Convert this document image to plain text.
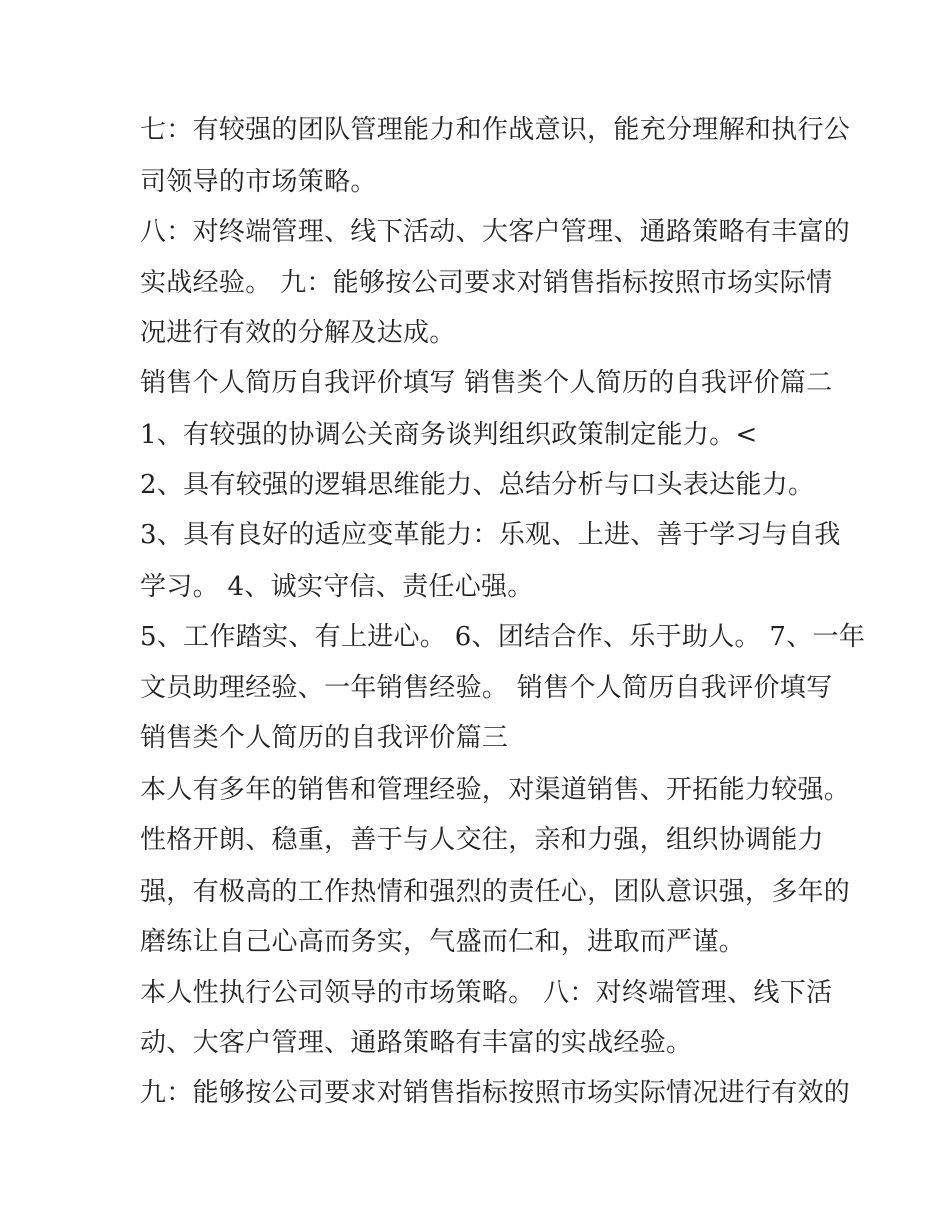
七：有较强的团队管理能力和作战意识，能充分理解和执行公
司领导的市场策略。
八：对终端管理、线下活动、大客户管理、通路策略有丰富的
实战经验。 九：能够按公司要求对销售指标按照市场实际情
况进行有效的分解及达成。
销售个人简历自我评价填写 销售类个人简历的自我评价篇二
1、有较强的协调公关商务谈判组织政策制定能力。<
2、具有较强的逻辑思维能力、总结分析与口头表达能力。
3、具有良好的适应变革能力：乐观、上进、善于学习与自我
学习。 4、诚实守信、责任心强。
5、工作踏实、有上进心。 6、团结合作、乐于助人。 7、一年
文员助理经验、一年销售经验。 销售个人简历自我评价填写
销售类个人简历的自我评价篇三
本人有多年的销售和管理经验，对渠道销售、开拓能力较强。
性格开朗、稳重，善于与人交往，亲和力强，组织协调能力
强，有极高的工作热情和强烈的责任心，团队意识强，多年的
磨练让自己心高而务实，气盛而仁和，进取而严谨。
本人性执行公司领导的市场策略。 八：对终端管理、线下活
动、大客户管理、通路策略有丰富的实战经验。
九：能够按公司要求对销售指标按照市场实际情况进行有效的
